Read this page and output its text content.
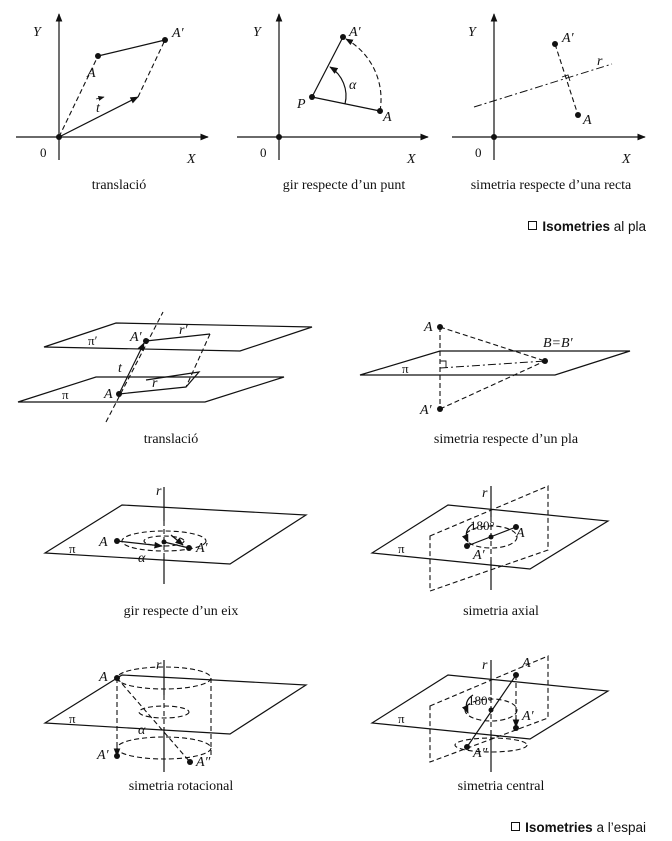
Y
X
0
A
A′
t
Y
X
0
P
A′
A
α
Y
X
0
A′
A
r
π
π′
A
A′
r
r′
t	π
A
A′
B=B′
π
r
A	A′
α
π
r
A
A′
180°
π
r
A
A′	A″
α
π
r A
A′
A″
180°
translació	gir respecte d’un punt	simetria respecte d’una recta
Isometries al pla
translació	simetria respecte d’un pla
gir respecte d’un eix	simetria axial
simetria rotacional	simetria central
Isometries a l’espai
